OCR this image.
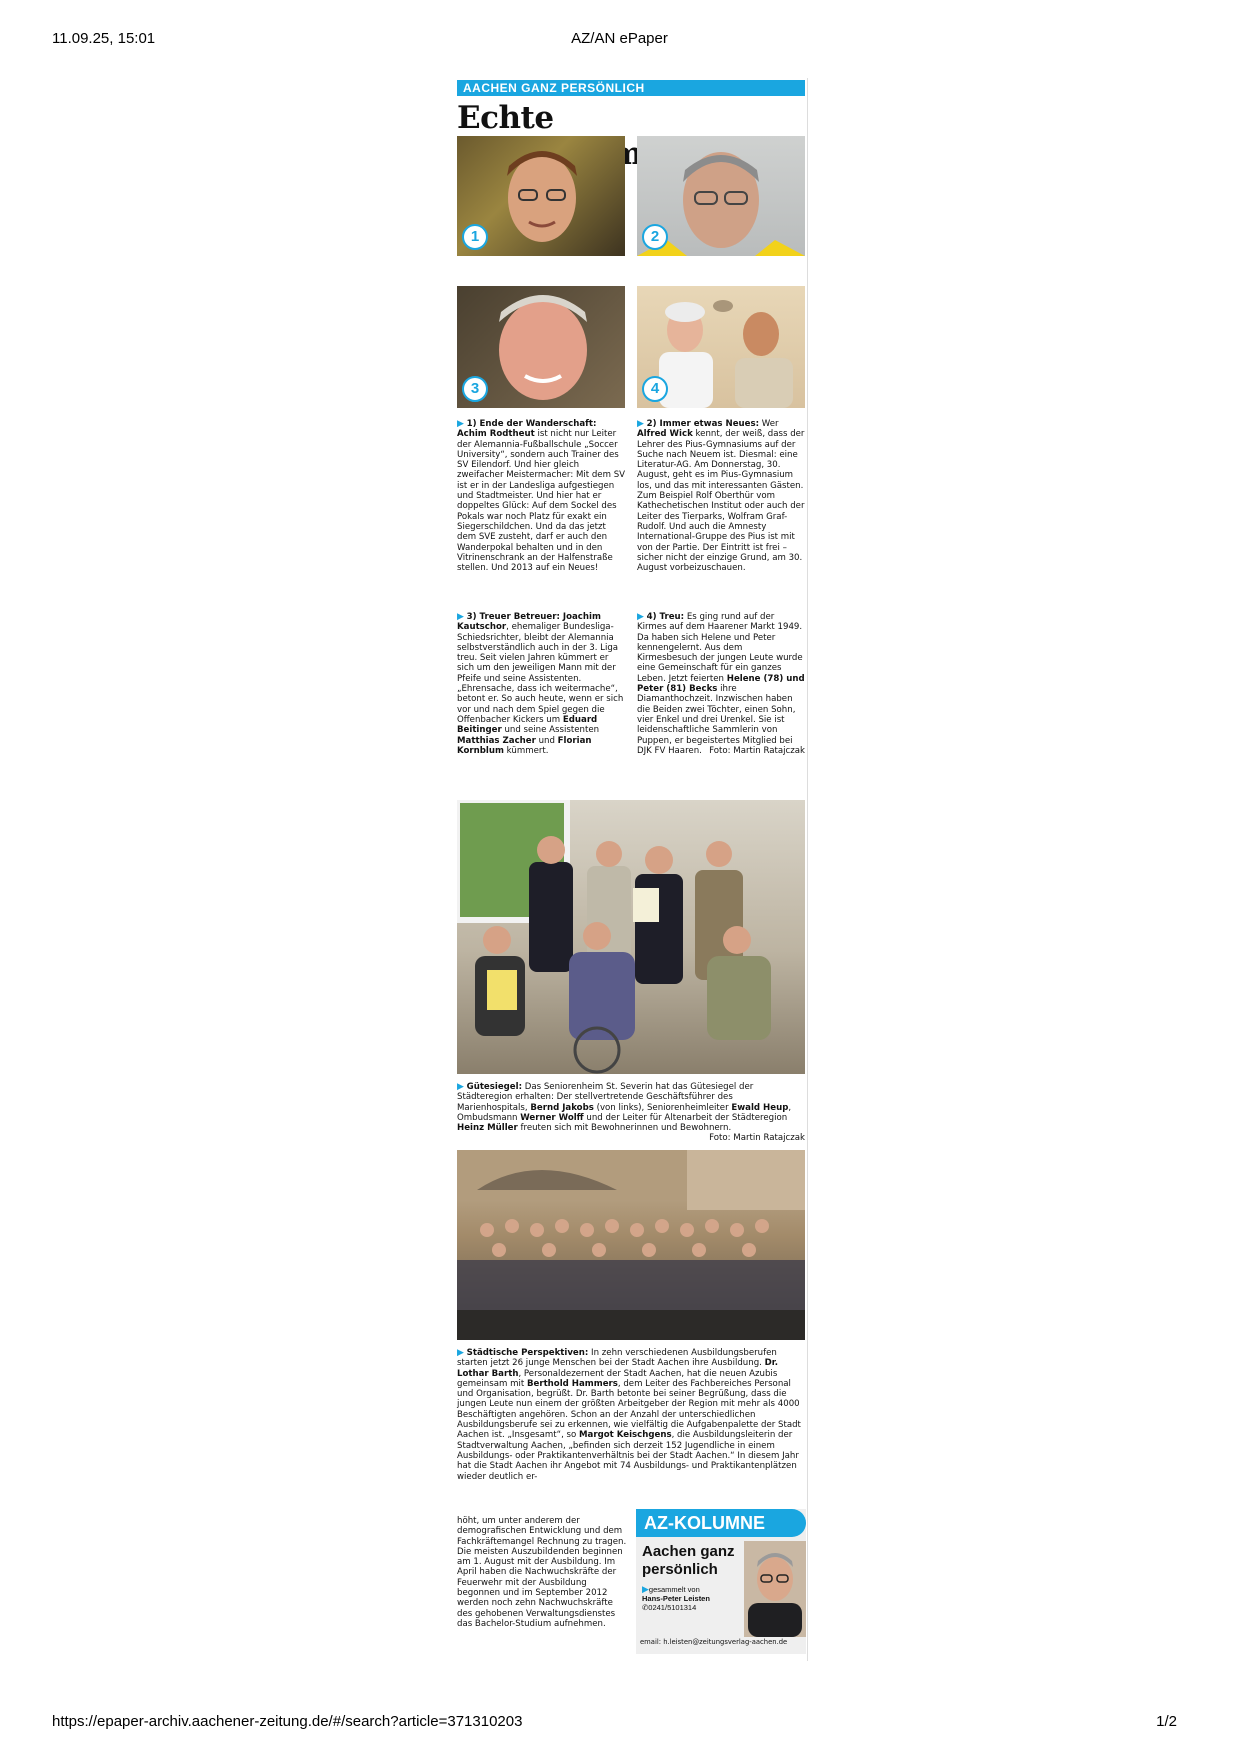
11.09.25, 15:01	AZ/AN ePaper
AACHEN GANZ PERSÖNLICH
Echte
1	2
3	4
▶ 1) Ende der Wanderschaft: Achim Rodtheut ist nicht nur Leiter der Alemannia-Fußballschule „Soccer University“, sondern auch Trainer des SV Eilendorf. Und hier gleich zweifacher Meistermacher: Mit dem SV ist er in der Landesliga aufgestiegen und Stadtmeister. Und hier hat er doppeltes Glück: Auf dem Sockel des Pokals war noch Platz für exakt ein Siegerschildchen. Und da das jetzt dem SVE zusteht, darf er auch den Wanderpokal behalten und in den Vitrinenschrank an der Halfenstraße stellen. Und 2013 auf ein Neues!
▶ 3) Treuer Betreuer: Joachim Kautschor, ehemaliger Bundesliga-Schiedsrichter, bleibt der Alemannia selbstverständlich auch in der 3. Liga treu. Seit vielen Jahren kümmert er sich um den jeweiligen Mann mit der Pfeife und seine Assistenten. „Ehrensache, dass ich weitermache“, betont er. So auch heute, wenn er sich vor und nach dem Spiel gegen die Offenbacher Kickers um Eduard Beitinger und seine Assistenten Matthias Zacher und Florian Kornblum kümmert.
▶ 2) Immer etwas Neues: Wer Alfred Wick kennt, der weiß, dass der Lehrer des Pius-Gymnasiums auf der Suche nach Neuem ist. Diesmal: eine Literatur-AG. Am Donnerstag, 30. August, geht es im Pius-Gymnasium los, und das mit interessanten Gästen. Zum Beispiel Rolf Oberthür vom Kathechetischen Institut oder auch der Leiter des Tierparks, Wolfram Graf-Rudolf. Und auch die Amnesty International-Gruppe des Pius ist mit von der Partie. Der Eintritt ist frei – sicher nicht der einzige Grund, am 30. August vorbeizuschauen.
▶ 4) Treu: Es ging rund auf der Kirmes auf dem Haarener Markt 1949. Da haben sich Helene und Peter kennengelernt. Aus dem Kirmesbesuch der jungen Leute wurde eine Gemeinschaft für ein ganzes Leben. Jetzt feierten Helene (78) und Peter (81) Becks ihre Diamanthochzeit. Inzwischen haben die Beiden zwei Töchter, einen Sohn, vier Enkel und drei Urenkel. Sie ist leidenschaftliche Sammlerin von Puppen, er begeistertes Mitglied bei DJK FV Haaren. Foto: Martin Ratajczak
▶ Gütesiegel: Das Seniorenheim St. Severin hat das Gütesiegel der Städteregion erhalten: Der stellvertretende Geschäftsführer des Marienhospitals, Bernd Jakobs (von links), Seniorenheimleiter Ewald Heup, Ombudsmann Werner Wolff und der Leiter für Altenarbeit der Städteregion Heinz Müller freuten sich mit Bewohnerinnen und Bewohnern.
Foto: Martin Ratajczak
▶ Städtische Perspektiven: In zehn verschiedenen Ausbildungsberufen starten jetzt 26 junge Menschen bei der Stadt Aachen ihre Ausbildung. Dr. Lothar Barth, Personaldezernent der Stadt Aachen, hat die neuen Azubis gemeinsam mit Berthold Hammers, dem Leiter des Fachbereiches Personal und Organisation, begrüßt. Dr. Barth betonte bei seiner Begrüßung, dass die jungen Leute nun einem der größten Arbeitgeber der Region mit mehr als 4000 Beschäftigten angehören. Schon an der Anzahl der unterschiedlichen Ausbildungsberufe sei zu erkennen, wie vielfältig die Aufgabenpalette der Stadt Aachen ist. „Insgesamt“, so Margot Keischgens, die Ausbildungsleiterin der Stadtverwaltung Aachen, „befinden sich derzeit 152 Jugendliche in einem Ausbildungs- oder Praktikantenverhältnis bei der Stadt Aachen.“ In diesem Jahr hat die Stadt Aachen ihr Angebot mit 74 Ausbildungs- und Praktikantenplätzen wieder deutlich er-
höht, um unter anderem der demografischen Entwicklung und dem Fachkräftemangel Rechnung zu tragen. Die meisten Auszubildenden beginnen am 1. August mit der Ausbildung. Im April haben die Nachwuchskräfte der Feuerwehr mit der Ausbildung begonnen und im September 2012 werden noch zehn Nachwuchskräfte des gehobenen Verwaltungsdienstes das Bachelor-Studium aufnehmen.
AZ-KOLUMNE
Aachen ganz persönlich
▶gesammelt von
Hans-Peter Leisten
✆0241/5101314
email: h.leisten@zeitungsverlag-aachen.de
https://epaper-archiv.aachener-zeitung.de/#/search?article=371310203	1/2
